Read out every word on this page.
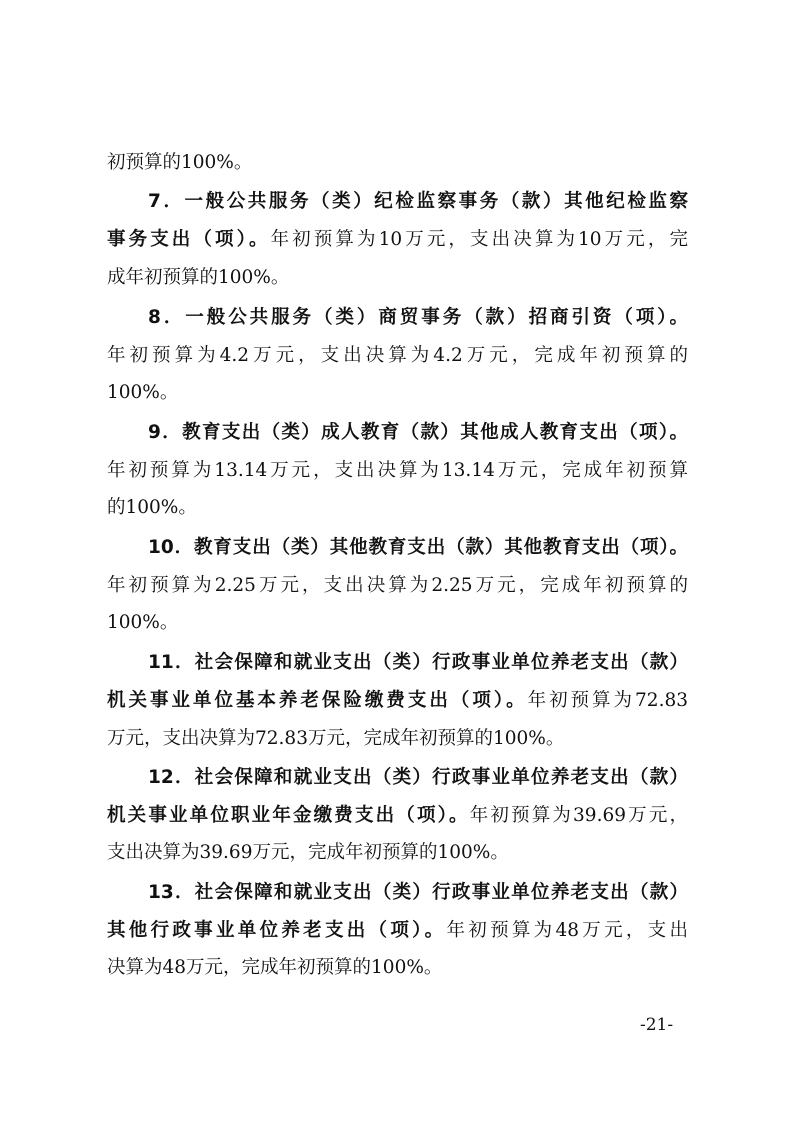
初预算的100%。
7．一般公共服务（类）纪检监察事务（款）其他纪检监察
事务支出（项）。年初预算为10万元，支出决算为10万元，完
成年初预算的100%。
8．一般公共服务（类）商贸事务（款）招商引资（项）。
年初预算为4.2万元，支出决算为4.2万元，完成年初预算的
100%。
9．教育支出（类）成人教育（款）其他成人教育支出（项）。
年初预算为13.14万元，支出决算为13.14万元，完成年初预算
的100%。
10．教育支出（类）其他教育支出（款）其他教育支出（项）。
年初预算为2.25万元，支出决算为2.25万元，完成年初预算的
100%。
11．社会保障和就业支出（类）行政事业单位养老支出（款）
机关事业单位基本养老保险缴费支出（项）。年初预算为72.83
万元，支出决算为72.83万元，完成年初预算的100%。
12．社会保障和就业支出（类）行政事业单位养老支出（款）
机关事业单位职业年金缴费支出（项）。年初预算为39.69万元，
支出决算为39.69万元，完成年初预算的100%。
13．社会保障和就业支出（类）行政事业单位养老支出（款）
其他行政事业单位养老支出（项）。年初预算为48万元，支出
决算为48万元，完成年初预算的100%。
-21-
